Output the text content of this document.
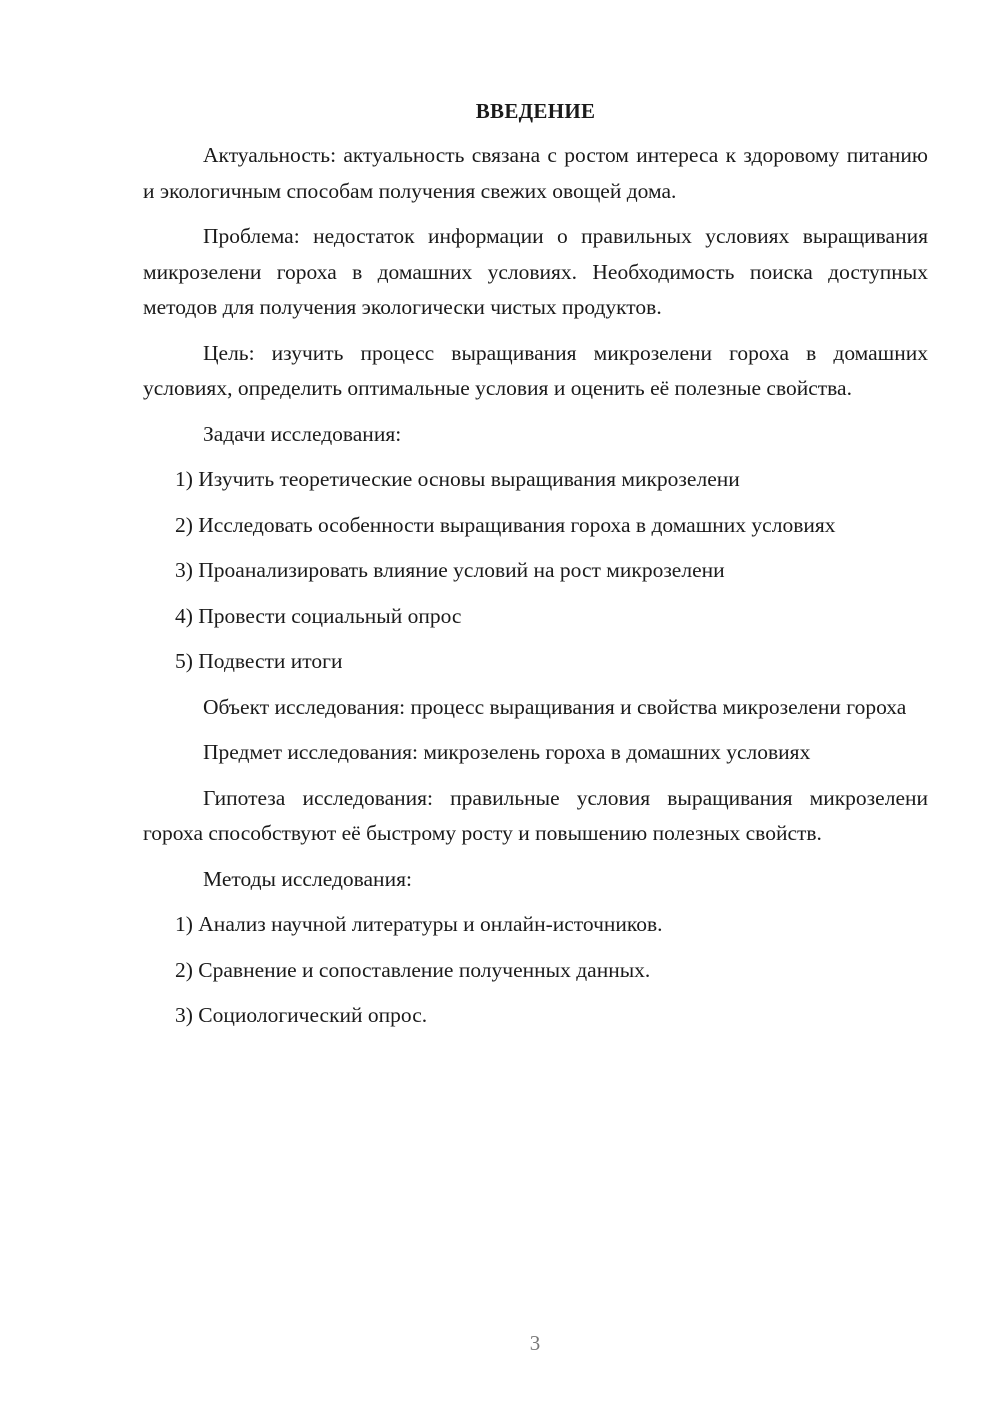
ВВЕДЕНИЕ

Актуальность: актуальность связана с ростом интереса к здоровому питанию и экологичным способам получения свежих овощей дома.

Проблема: недостаток информации о правильных условиях выращивания микрозелени гороха в домашних условиях. Необходимость поиска доступных методов для получения экологически чистых продуктов.

Цель: изучить процесс выращивания микрозелени гороха в домашних условиях, определить оптимальные условия и оценить её полезные свойства.

Задачи исследования:

1) Изучить теоретические основы выращивания микрозелени

2) Исследовать особенности выращивания гороха в домашних условиях

3) Проанализировать влияние условий на рост микрозелени

4) Провести социальный опрос

5) Подвести итоги

Объект исследования: процесс выращивания и свойства микрозелени гороха

Предмет исследования: микрозелень гороха в домашних условиях

Гипотеза исследования: правильные условия выращивания микрозелени гороха способствуют её быстрому росту и повышению полезных свойств.

Методы исследования:

1) Анализ научной литературы и онлайн-источников.

2) Сравнение и сопоставление полученных данных.

3) Социологический опрос.

3
